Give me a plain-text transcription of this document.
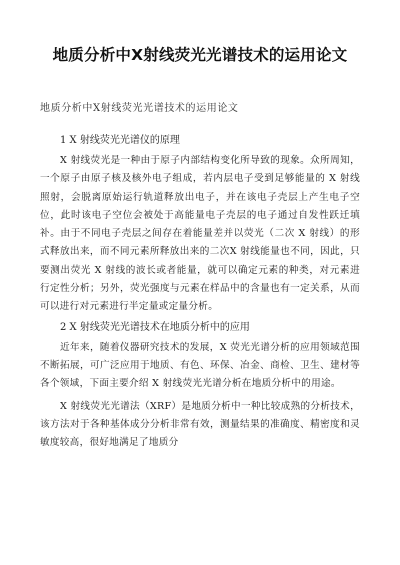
地质分析中X射线荧光光谱技术的运用论文
地质分析中X射线荧光光谱技术的运用论文
1 X 射线荧光光谱仪的原理

X 射线荧光是一种由于原子内部结构变化所导致的现象。众所周知，一个原子由原子核及核外电子组成，若内层电子受到足够能量的 X 射线照射，会脱离原始运行轨道释放出电子，并在该电子壳层上产生电子空位，此时该电子空位会被处于高能量电子壳层的电子通过自发性跃迁填补。由于不同电子壳层之间存在着能量差并以荧光（二次 X 射线）的形式释放出来，而不同元素所释放出来的二次X 射线能量也不同，因此，只要测出荧光 X 射线的波长或者能量，就可以确定元素的种类，对元素进行定性分析；另外，荧光强度与元素在样品中的含量也有一定关系，从而可以进行对元素进行半定量或定量分析。

2 X 射线荧光光谱技术在地质分析中的应用

近年来，随着仪器研究技术的发展，X 荧光光谱分析的应用领域范围不断拓展，可广泛应用于地质、有色、环保、冶金、商检、卫生、建材等各个领域，下面主要介绍 X 射线荧光光谱分析在地质分析中的用途。

X 射线荧光光谱法（XRF）是地质分析中一种比较成熟的分析技术，该方法对于各种基体成分分析非常有效，测量结果的准确度、精密度和灵敏度较高，很好地满足了地质分
